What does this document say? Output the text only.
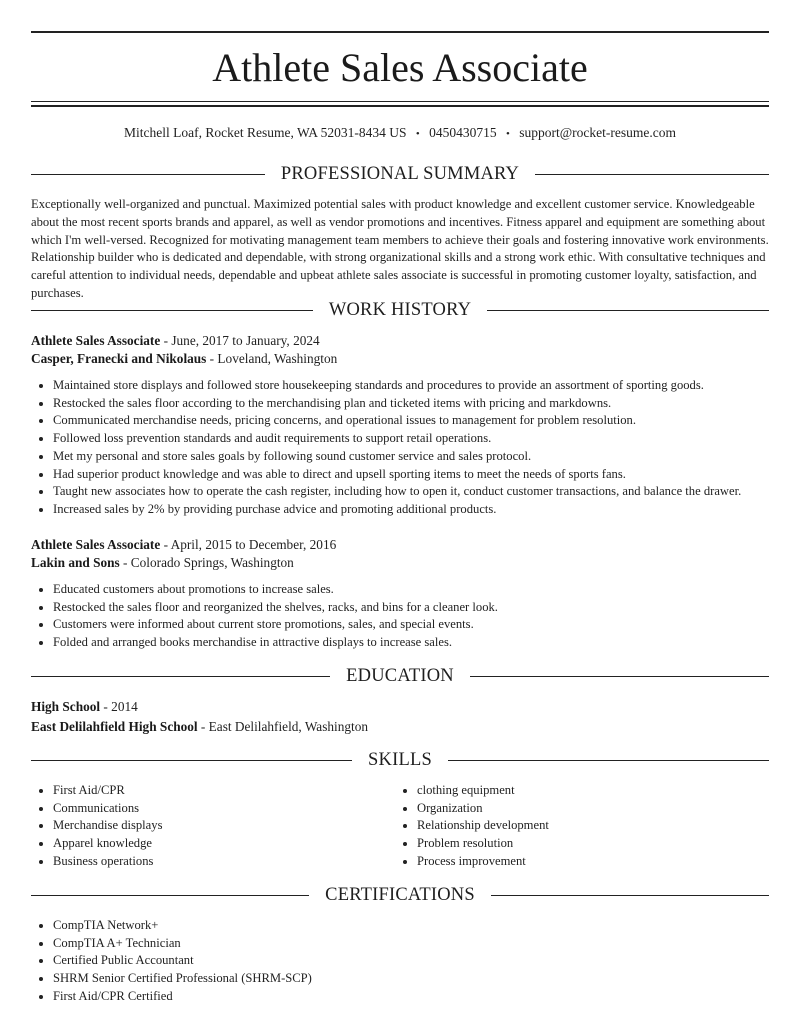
Athlete Sales Associate
Mitchell Loaf, Rocket Resume, WA 52031-8434 US • 0450430715 • support@rocket-resume.com
PROFESSIONAL SUMMARY
Exceptionally well-organized and punctual. Maximized potential sales with product knowledge and excellent customer service. Knowledgeable about the most recent sports brands and apparel, as well as vendor promotions and incentives. Fitness apparel and equipment are something about which I'm well-versed. Recognized for motivating management team members to achieve their goals and fostering innovative work environments. Relationship builder who is dedicated and dependable, with strong organizational skills and a strong work ethic. With consultative techniques and careful attention to individual needs, dependable and upbeat athlete sales associate is successful in promoting customer loyalty, satisfaction, and purchases.
WORK HISTORY
Athlete Sales Associate - June, 2017 to January, 2024
Casper, Franecki and Nikolaus - Loveland, Washington
• Maintained store displays and followed store housekeeping standards and procedures to provide an assortment of sporting goods.
• Restocked the sales floor according to the merchandising plan and ticketed items with pricing and markdowns.
• Communicated merchandise needs, pricing concerns, and operational issues to management for problem resolution.
• Followed loss prevention standards and audit requirements to support retail operations.
• Met my personal and store sales goals by following sound customer service and sales protocol.
• Had superior product knowledge and was able to direct and upsell sporting items to meet the needs of sports fans.
• Taught new associates how to operate the cash register, including how to open it, conduct customer transactions, and balance the drawer.
• Increased sales by 2% by providing purchase advice and promoting additional products.
Athlete Sales Associate - April, 2015 to December, 2016
Lakin and Sons - Colorado Springs, Washington
• Educated customers about promotions to increase sales.
• Restocked the sales floor and reorganized the shelves, racks, and bins for a cleaner look.
• Customers were informed about current store promotions, sales, and special events.
• Folded and arranged books merchandise in attractive displays to increase sales.
EDUCATION
High School - 2014
East Delilahfield High School - East Delilahfield, Washington
SKILLS
• First Aid/CPR
• Communications
• Merchandise displays
• Apparel knowledge
• Business operations
• clothing equipment
• Organization
• Relationship development
• Problem resolution
• Process improvement
CERTIFICATIONS
• CompTIA Network+
• CompTIA A+ Technician
• Certified Public Accountant
• SHRM Senior Certified Professional (SHRM-SCP)
• First Aid/CPR Certified
